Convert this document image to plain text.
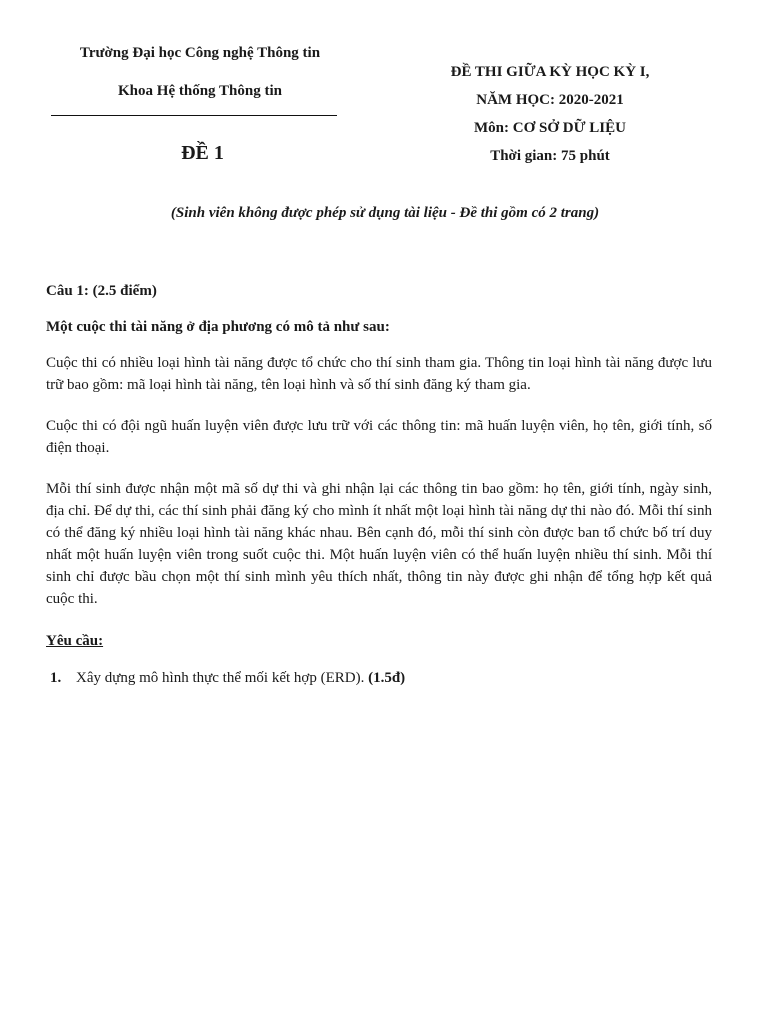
Trường Đại học Công nghệ Thông tin
Khoa Hệ thống Thông tin
ĐỀ 1
ĐỀ THI GIỮA KỲ HỌC KỲ I,
NĂM HỌC: 2020-2021
Môn: CƠ SỞ DỮ LIỆU
Thời gian: 75 phút
(Sinh viên không được phép sử dụng tài liệu - Đề thi gồm có 2 trang)
Câu 1: (2.5 điểm)
Một cuộc thi tài năng ở địa phương có mô tả như sau:
Cuộc thi có nhiều loại hình tài năng được tổ chức cho thí sinh tham gia. Thông tin loại hình tài năng được lưu trữ bao gồm: mã loại hình tài năng, tên loại hình và số thí sinh đăng ký tham gia.
Cuộc thi có đội ngũ huấn luyện viên được lưu trữ với các thông tin: mã huấn luyện viên, họ tên, giới tính, số điện thoại.
Mỗi thí sinh được nhận một mã số dự thi và ghi nhận lại các thông tin bao gồm: họ tên, giới tính, ngày sinh, địa chỉ. Để dự thi, các thí sinh phải đăng ký cho mình ít nhất một loại hình tài năng dự thi nào đó. Mỗi thí sinh có thể đăng ký nhiều loại hình tài năng khác nhau. Bên cạnh đó, mỗi thí sinh còn được ban tổ chức bố trí duy nhất một huấn luyện viên trong suốt cuộc thi. Một huấn luyện viên có thể huấn luyện nhiều thí sinh. Mỗi thí sinh chỉ được bầu chọn một thí sinh mình yêu thích nhất, thông tin này được ghi nhận để tổng hợp kết quả cuộc thi.
Yêu cầu:
1. Xây dựng mô hình thực thể mối kết hợp (ERD). (1.5đ)
